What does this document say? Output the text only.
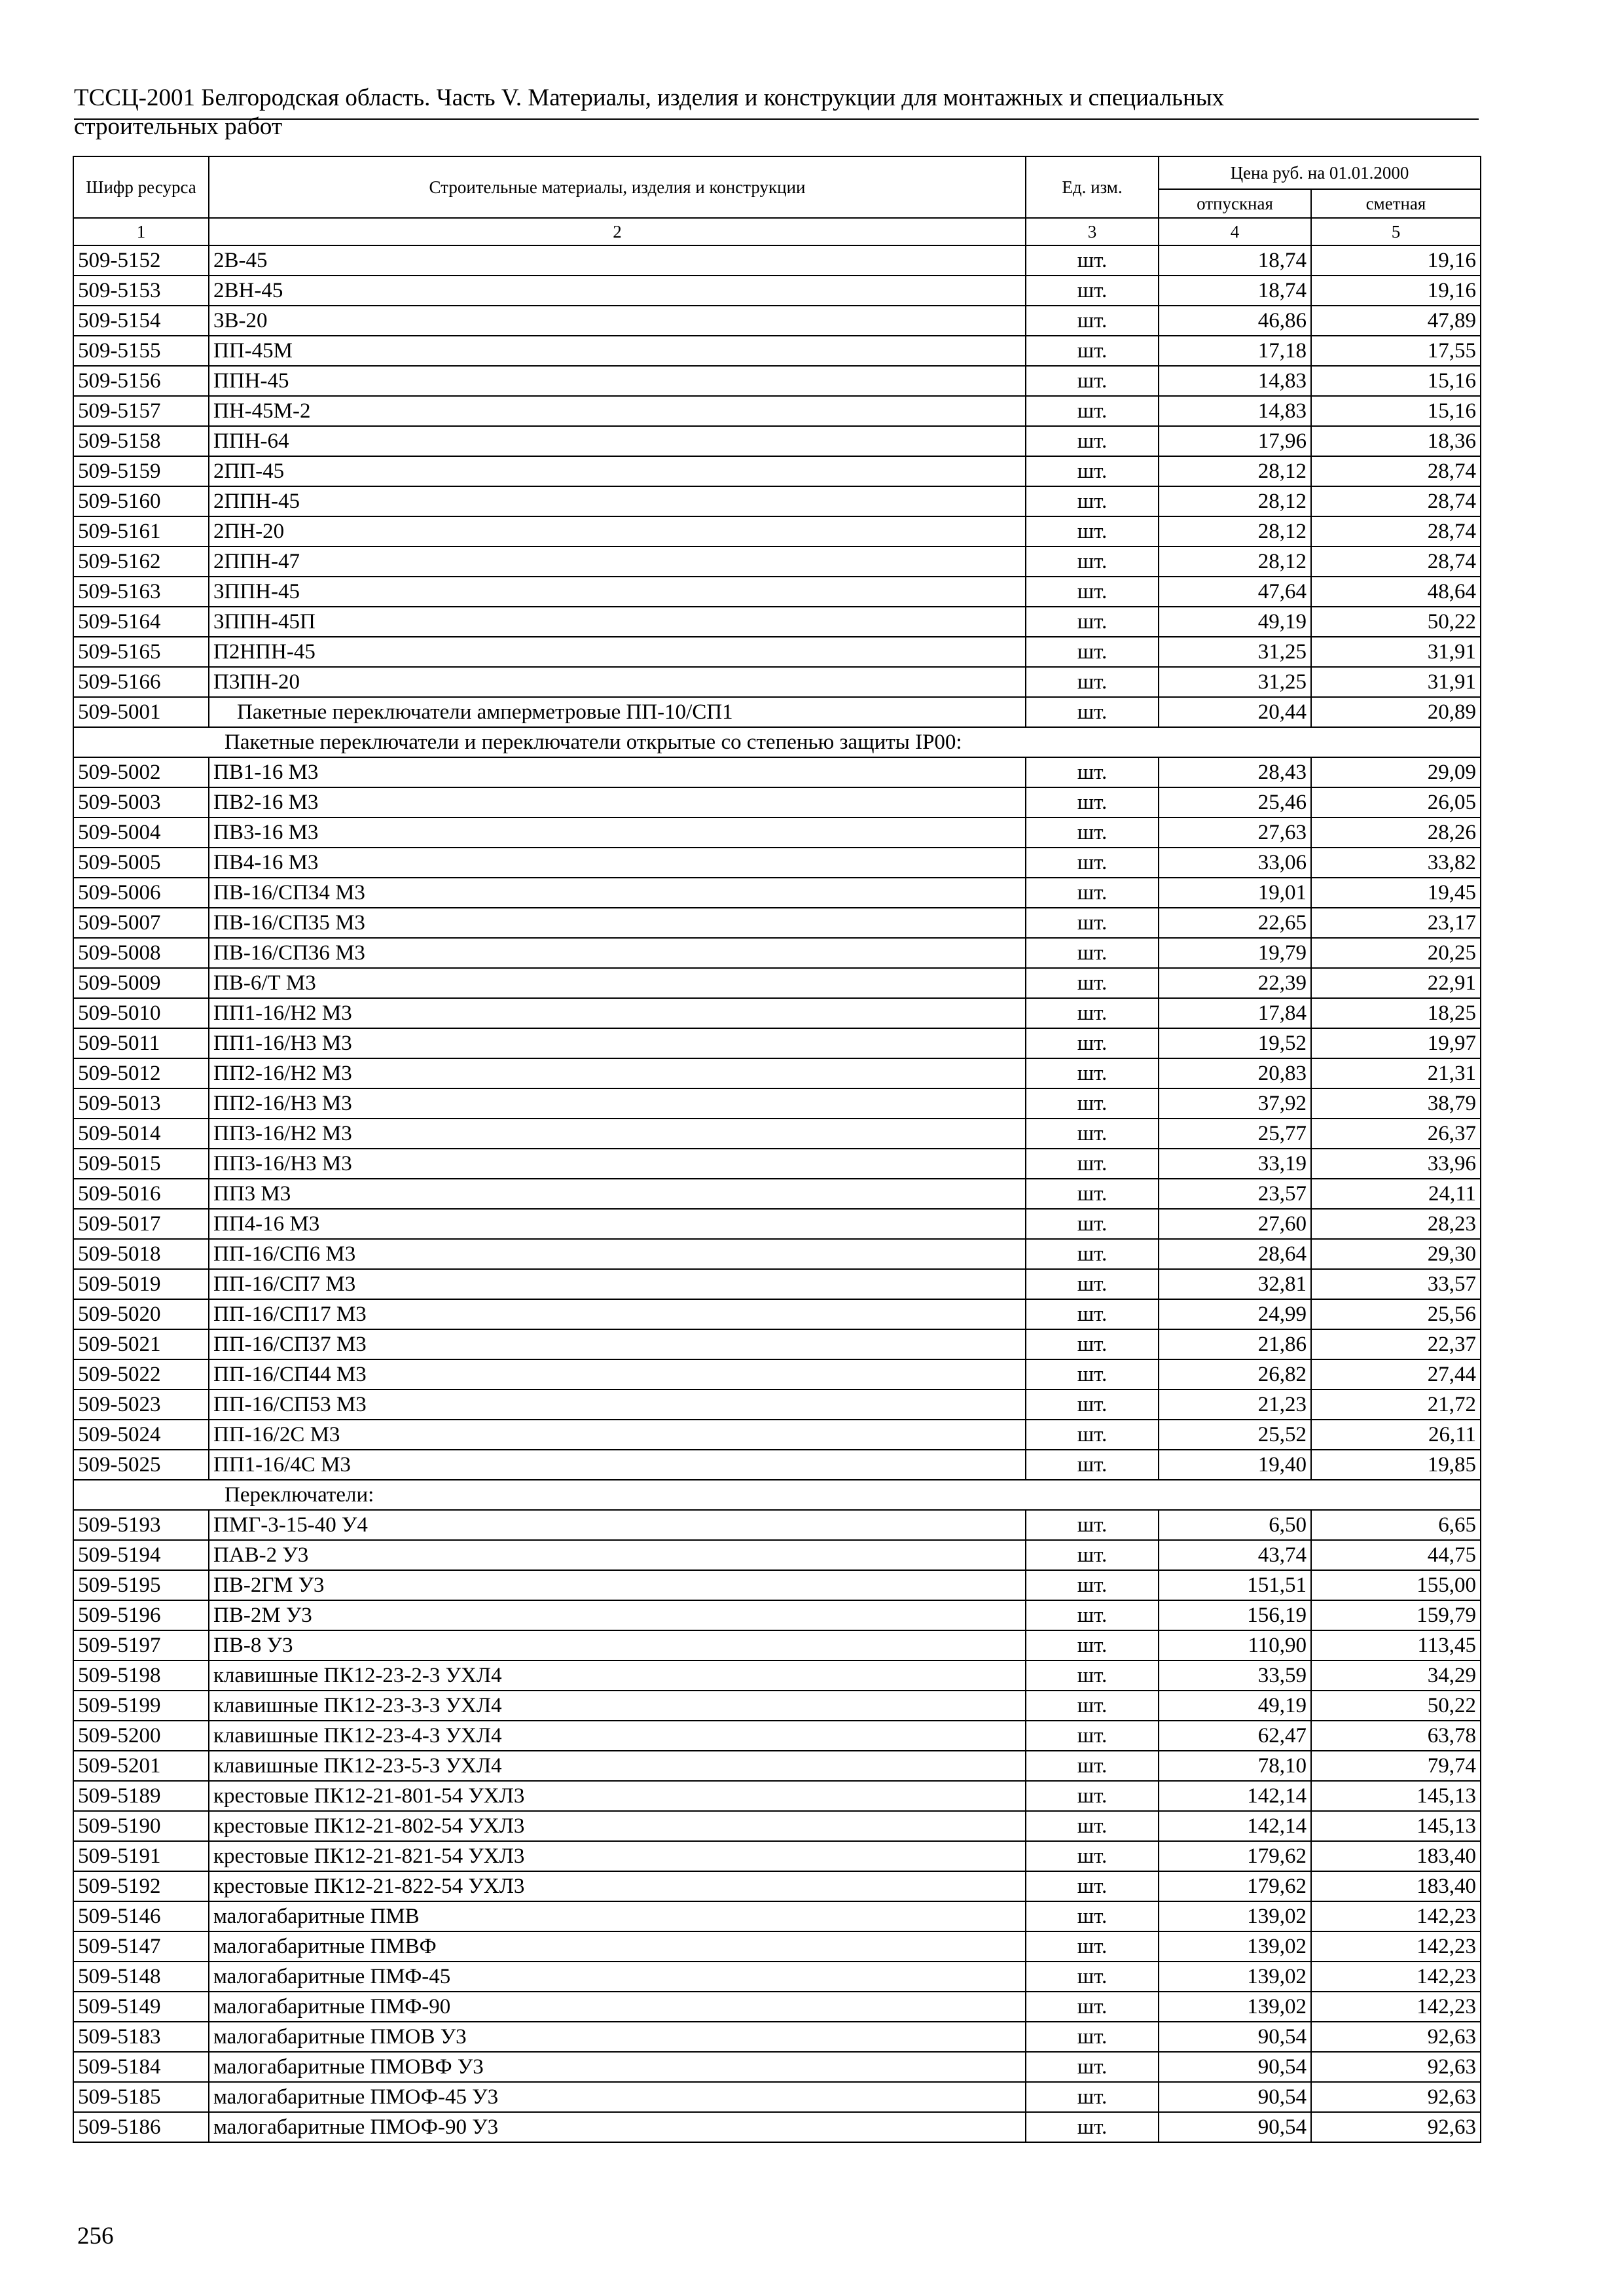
ТССЦ-2001 Белгородская область. Часть V. Материалы, изделия и конструкции для монтажных и специальных
строительных работ
Шифр ресурса	Строительные материалы, изделия и конструкции	Ед. изм.	Цена руб. на 01.01.2000	
			отпускная	сметная
1	2	3	4	5
509-5152	2В-45	шт.	18,74	19,16
509-5153	2ВН-45	шт.	18,74	19,16
509-5154	3В-20	шт.	46,86	47,89
509-5155	ПП-45М	шт.	17,18	17,55
509-5156	ППН-45	шт.	14,83	15,16
509-5157	ПН-45М-2	шт.	14,83	15,16
509-5158	ППН-64	шт.	17,96	18,36
509-5159	2ПП-45	шт.	28,12	28,74
509-5160	2ППН-45	шт.	28,12	28,74
509-5161	2ПН-20	шт.	28,12	28,74
509-5162	2ППН-47	шт.	28,12	28,74
509-5163	3ППН-45	шт.	47,64	48,64
509-5164	3ППН-45П	шт.	49,19	50,22
509-5165	П2НПН-45	шт.	31,25	31,91
509-5166	П3ПН-20	шт.	31,25	31,91
509-5001	Пакетные переключатели амперметровые ПП-10/СП1	шт.	20,44	20,89
Пакетные переключатели и переключатели открытые со степенью защиты IP00:				
509-5002	ПВ1-16 М3	шт.	28,43	29,09
509-5003	ПВ2-16 М3	шт.	25,46	26,05
509-5004	ПВ3-16 М3	шт.	27,63	28,26
509-5005	ПВ4-16 М3	шт.	33,06	33,82
509-5006	ПВ-16/СП34 М3	шт.	19,01	19,45
509-5007	ПВ-16/СП35 М3	шт.	22,65	23,17
509-5008	ПВ-16/СП36 М3	шт.	19,79	20,25
509-5009	ПВ-6/Т М3	шт.	22,39	22,91
509-5010	ПП1-16/Н2 М3	шт.	17,84	18,25
509-5011	ПП1-16/Н3 М3	шт.	19,52	19,97
509-5012	ПП2-16/Н2 М3	шт.	20,83	21,31
509-5013	ПП2-16/Н3 М3	шт.	37,92	38,79
509-5014	ПП3-16/Н2 М3	шт.	25,77	26,37
509-5015	ПП3-16/Н3 М3	шт.	33,19	33,96
509-5016	ПП3 М3	шт.	23,57	24,11
509-5017	ПП4-16 М3	шт.	27,60	28,23
509-5018	ПП-16/СП6 М3	шт.	28,64	29,30
509-5019	ПП-16/СП7 М3	шт.	32,81	33,57
509-5020	ПП-16/СП17 М3	шт.	24,99	25,56
509-5021	ПП-16/СП37 М3	шт.	21,86	22,37
509-5022	ПП-16/СП44 М3	шт.	26,82	27,44
509-5023	ПП-16/СП53 М3	шт.	21,23	21,72
509-5024	ПП-16/2С М3	шт.	25,52	26,11
509-5025	ПП1-16/4С М3	шт.	19,40	19,85
Переключатели:				
509-5193	ПМГ-3-15-40 У4	шт.	6,50	6,65
509-5194	ПАВ-2 У3	шт.	43,74	44,75
509-5195	ПВ-2ГМ У3	шт.	151,51	155,00
509-5196	ПВ-2М У3	шт.	156,19	159,79
509-5197	ПВ-8 У3	шт.	110,90	113,45
509-5198	клавишные ПК12-23-2-3 УХЛ4	шт.	33,59	34,29
509-5199	клавишные ПК12-23-3-3 УХЛ4	шт.	49,19	50,22
509-5200	клавишные ПК12-23-4-3 УХЛ4	шт.	62,47	63,78
509-5201	клавишные ПК12-23-5-3 УХЛ4	шт.	78,10	79,74
509-5189	крестовые ПК12-21-801-54 УХЛ3	шт.	142,14	145,13
509-5190	крестовые ПК12-21-802-54 УХЛ3	шт.	142,14	145,13
509-5191	крестовые ПК12-21-821-54 УХЛ3	шт.	179,62	183,40
509-5192	крестовые ПК12-21-822-54 УХЛ3	шт.	179,62	183,40
509-5146	малогабаритные ПМВ	шт.	139,02	142,23
509-5147	малогабаритные ПМВФ	шт.	139,02	142,23
509-5148	малогабаритные ПМФ-45	шт.	139,02	142,23
509-5149	малогабаритные ПМФ-90	шт.	139,02	142,23
509-5183	малогабаритные ПМОВ У3	шт.	90,54	92,63
509-5184	малогабаритные ПМОВФ У3	шт.	90,54	92,63
509-5185	малогабаритные ПМОФ-45 У3	шт.	90,54	92,63
509-5186	малогабаритные ПМОФ-90 У3	шт.	90,54	92,63
256
